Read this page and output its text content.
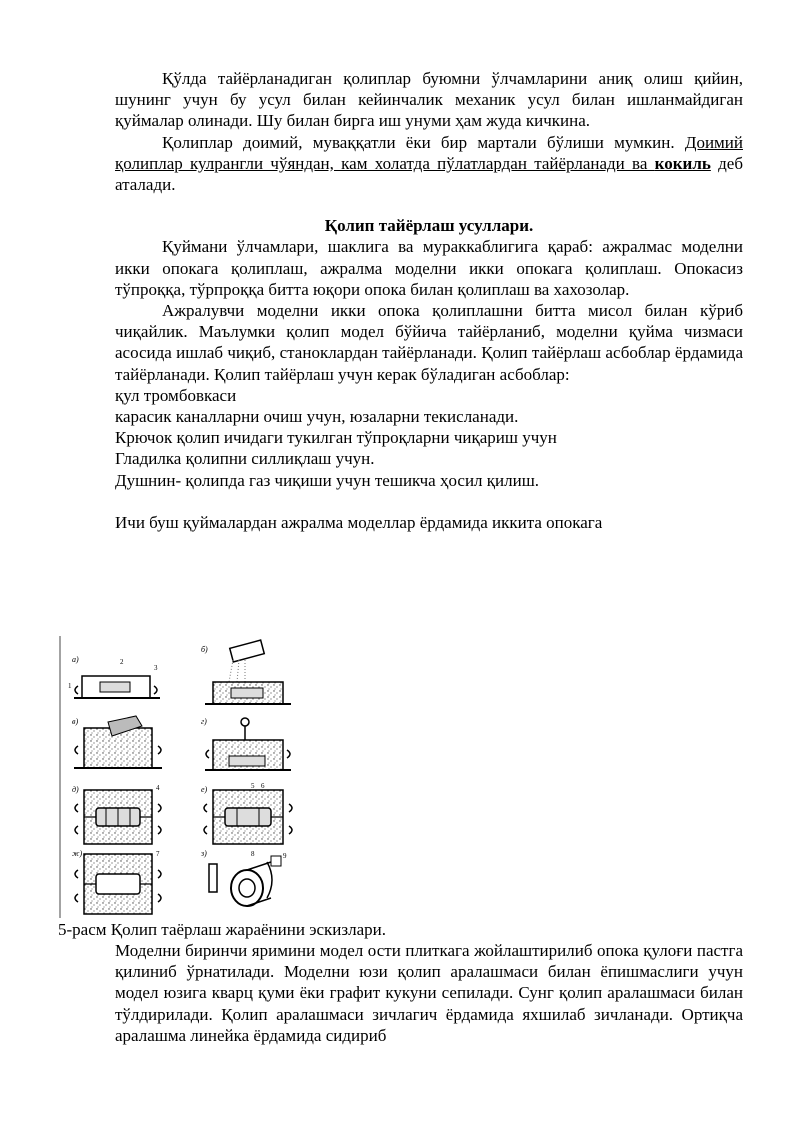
Қўлда тайёрланадиган қолиплар буюмни ўлчамларини аниқ олиш қийин, шунинг учун бу усул билан кейинчалик механик усул билан ишланмайдиган қуймалар олинади. Шу билан бирга иш унуми ҳам жуда кичкина.

Қолиплар доимий, муваққатли ёки бир мартали бўлиши мумкин. Доимий қолиплар кулрангли чўяндан, кам холатда пўлатлардан тайёрланади ва кокиль деб аталади.

Қолип тайёрлаш усуллари.

Қуймани ўлчамлари, шаклига ва мураккаблигига қараб: ажралмас моделни икки опокага қолиплаш, ажралма моделни икки опокага қолиплаш. Опокасиз тўпроққа, тўрпроққа битта юқори опока билан қолиплаш ва хахозолар.

Ажралувчи моделни икки опока қолиплашни битта мисол билан кўриб чиқайлик. Маълумки қолип модел бўйича тайёрланиб, моделни қуйма чизмаси асосида ишлаб чиқиб, станоклардан тайёрланади. Қолип тайёрлаш асбоблар ёрдамида тайёрланади. Қолип тайёрлаш учун керак бўладиган асбоблар:

қул тромбовкаси

карасик каналларни очиш учун, юзаларни текисланади.

Крючок қолип ичидаги тукилган тўпроқларни чиқариш учун

Гладилка қолипни силлиқлаш учун.

Душнин- қолипда газ чиқиши учун тешикча ҳосил қилиш.

Ичи буш қуймалардан ажралма моделлар ёрдамида иккита опокага

а)	2
3
1
б)
в)	г)
д)	4	е)	5 6
ж)	7	з)	8	9

5-расм Қолип таёрлаш жараёнини эскизлари.

Моделни биринчи яримини модел ости плиткага жойлаштирилиб опока қулоғи пастга қилиниб ўрнатилади. Моделни юзи қолип аралашмаси билан ёпишмаслиги учун модел юзига кварц қуми ёки графит кукуни сепилади. Сунг қолип аралашмаси билан тўлдирилади. Қолип аралашмаси зичлагич ёрдамида яхшилаб зичланади. Ортиқча аралашма линейка ёрдамида сидириб
